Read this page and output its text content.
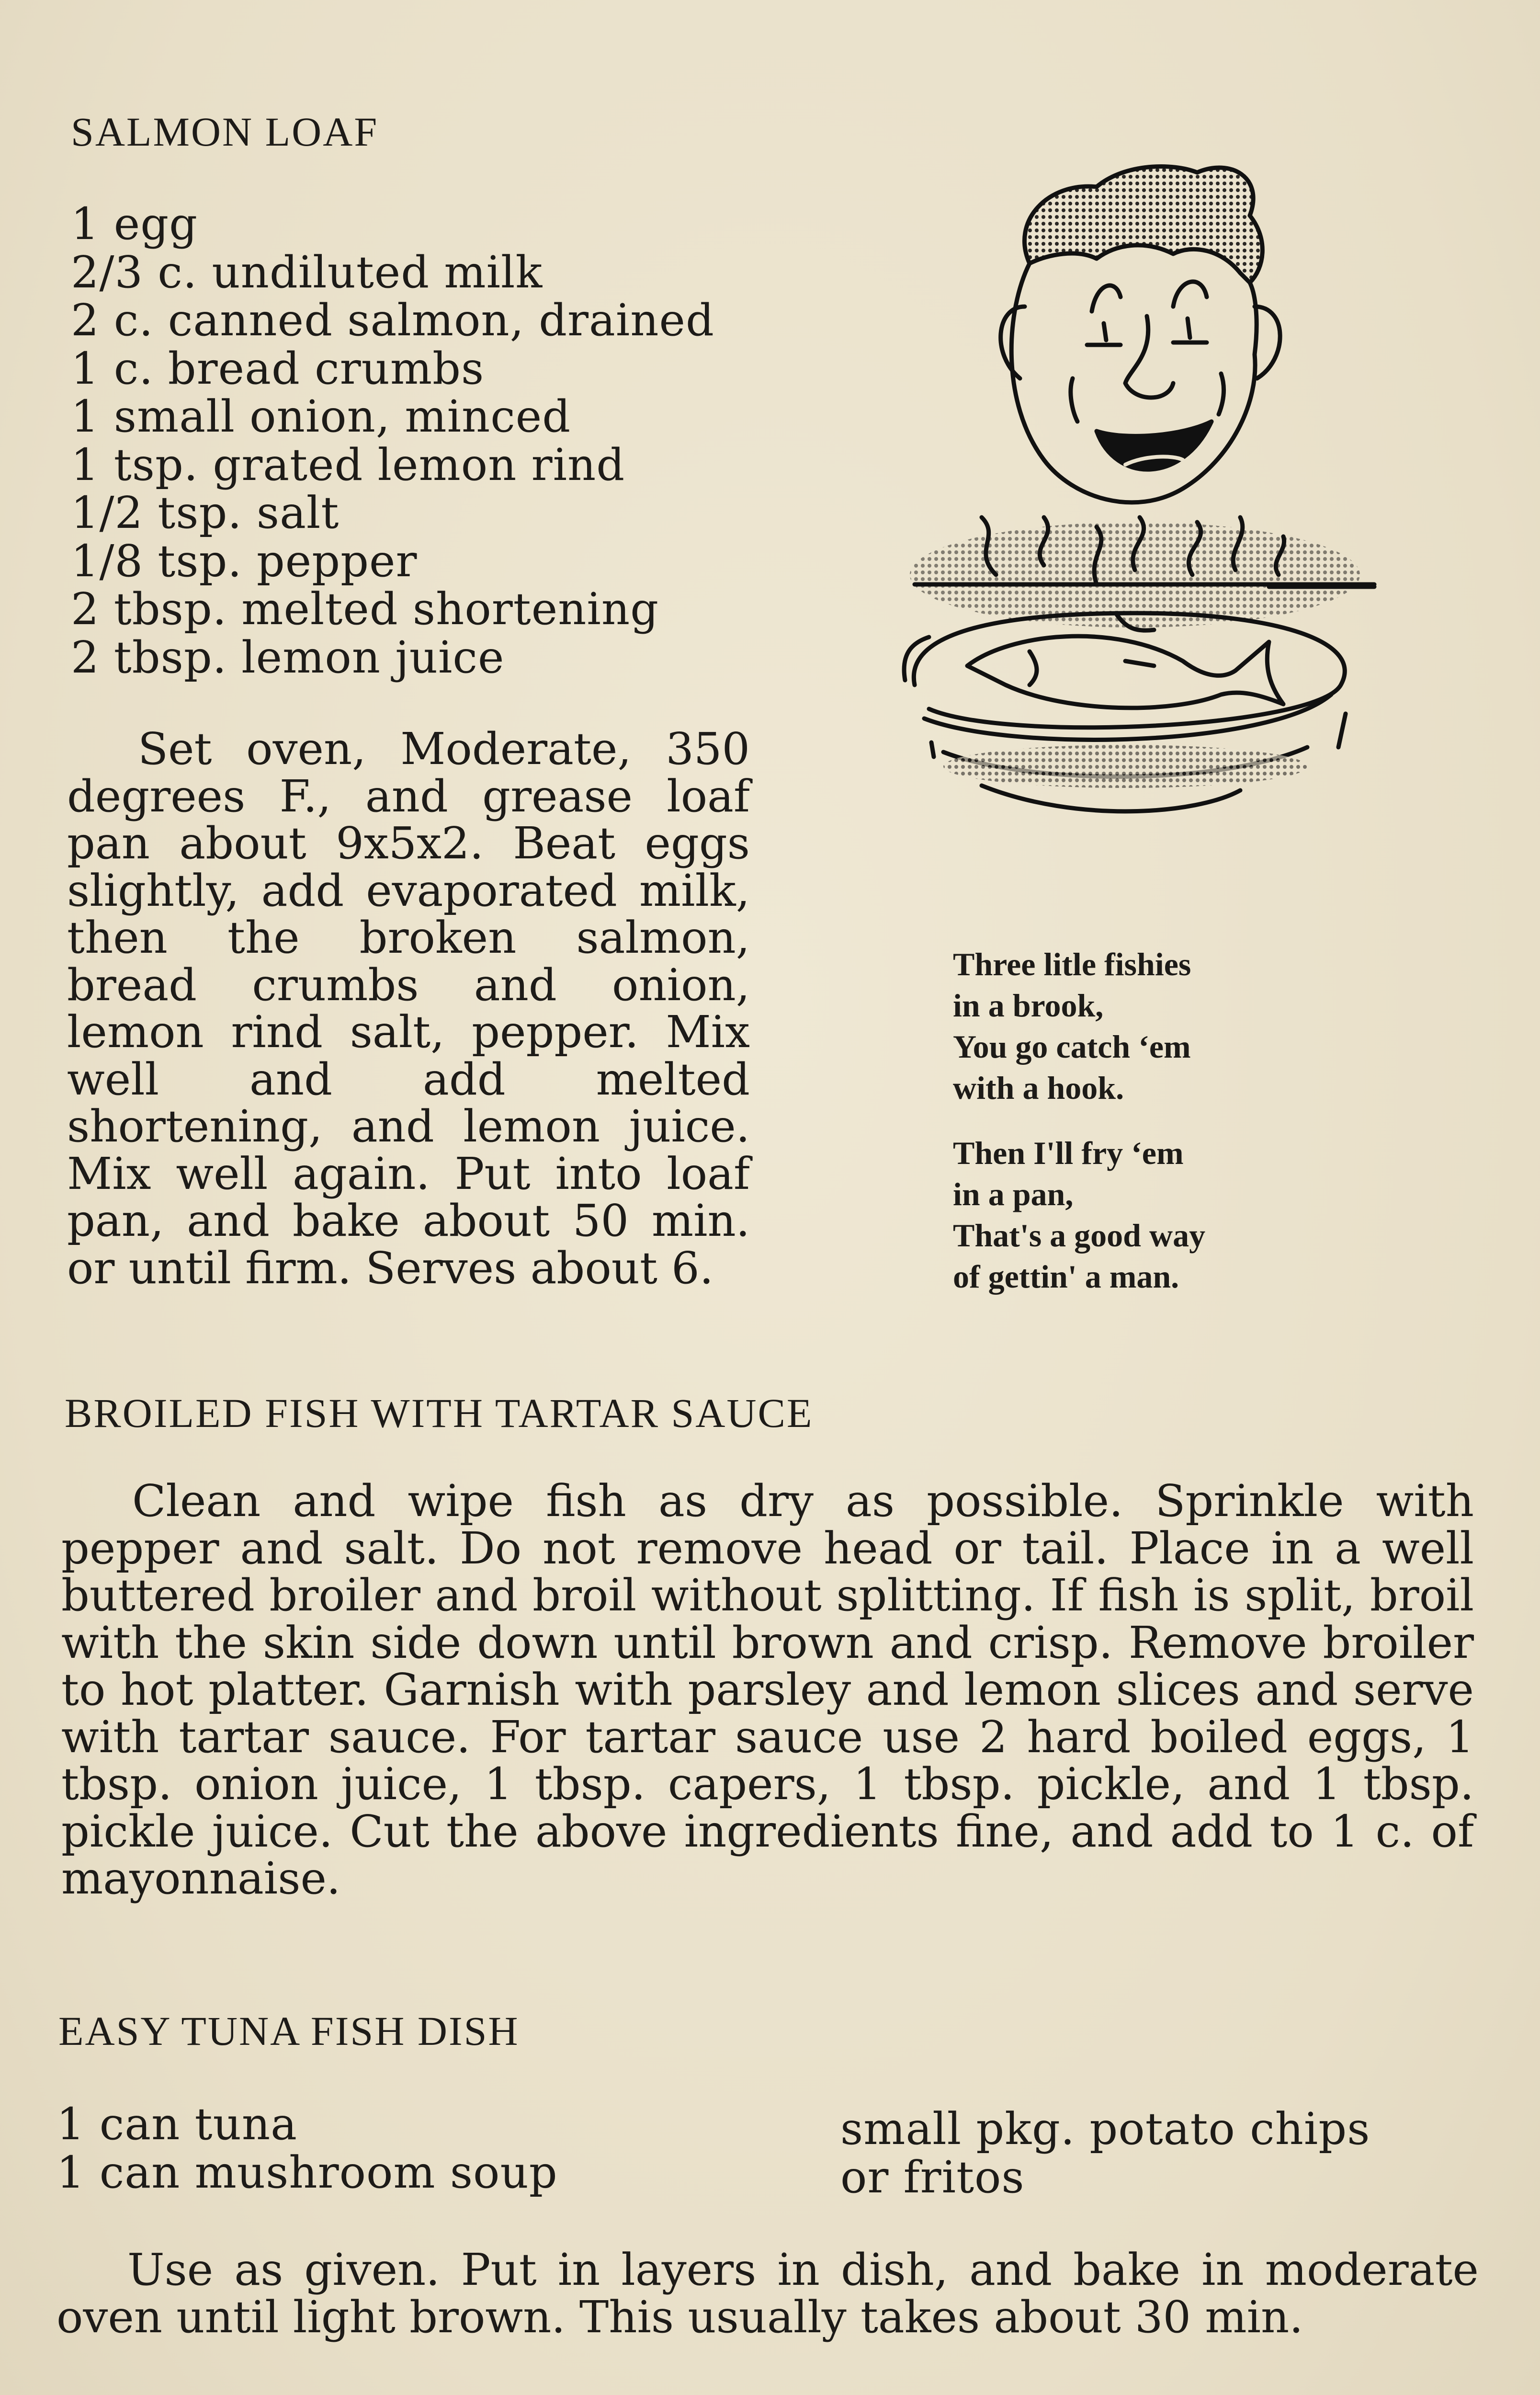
SALMON LOAF
1 egg
2/3 c. undiluted milk
2 c. canned salmon, drained
1 c. bread crumbs
1 small onion, minced
1 tsp. grated lemon rind
1/2 tsp. salt
1/8 tsp. pepper
2 tbsp. melted shortening
2 tbsp. lemon juice
Set oven, Moderate, 350 degrees F., and grease loaf pan about 9x5x2. Beat eggs slightly, add evaporated milk, then the broken salmon, bread crumbs and onion, lemon rind salt, pepper. Mix well and add melted shortening, and lemon juice. Mix well again. Put into loaf pan, and bake about 50 min. or until firm. Serves about 6.
Three litle fishies
in a brook,
You go catch ‘em
with a hook.
Then I'll fry ‘em
in a pan,
That's a good way
of gettin' a man.
BROILED FISH WITH TARTAR SAUCE
Clean and wipe fish as dry as possible. Sprinkle with pepper and salt. Do not remove head or tail. Place in a well buttered broiler and broil without splitting. If fish is split, broil with the skin side down until brown and crisp. Remove broiler to hot platter. Garnish with parsley and lemon slices and serve with tartar sauce. For tartar sauce use 2 hard boiled eggs, 1 tbsp. onion juice, 1 tbsp. capers, 1 tbsp. pickle, and 1 tbsp. pickle juice. Cut the above ingredients fine, and add to 1 c. of mayonnaise.
EASY TUNA FISH DISH
1 can tuna
1 can mushroom soup
small pkg. potato chips
or fritos
Use as given. Put in layers in dish, and bake in moderate oven until light brown. This usually takes about 30 min.
